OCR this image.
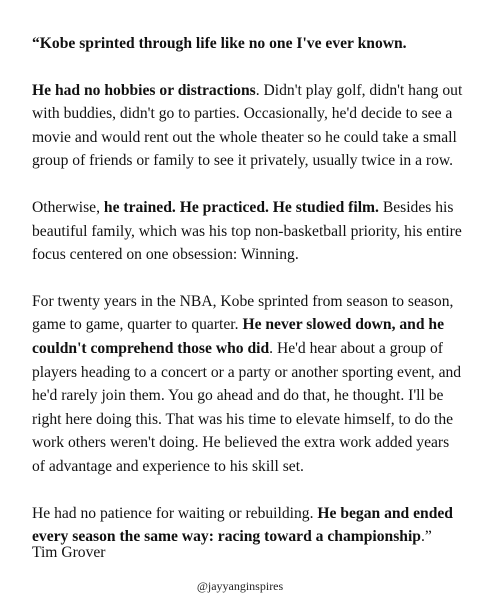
“Kobe sprinted through life like no one I've ever known.

He had no hobbies or distractions. Didn't play golf, didn't hang out with buddies, didn't go to parties. Occasionally, he'd decide to see a movie and would rent out the whole theater so he could take a small group of friends or family to see it privately, usually twice in a row.

Otherwise, he trained. He practiced. He studied film. Besides his beautiful family, which was his top non-basketball priority, his entire focus centered on one obsession: Winning.

For twenty years in the NBA, Kobe sprinted from season to season, game to game, quarter to quarter. He never slowed down, and he couldn't comprehend those who did. He'd hear about a group of players heading to a concert or a party or another sporting event, and he'd rarely join them. You go ahead and do that, he thought. I'll be right here doing this. That was his time to elevate himself, to do the work others weren't doing. He believed the extra work added years of advantage and experience to his skill set.

He had no patience for waiting or rebuilding. He began and ended every season the same way: racing toward a championship.”

Tim Grover
@jayyanginspires
